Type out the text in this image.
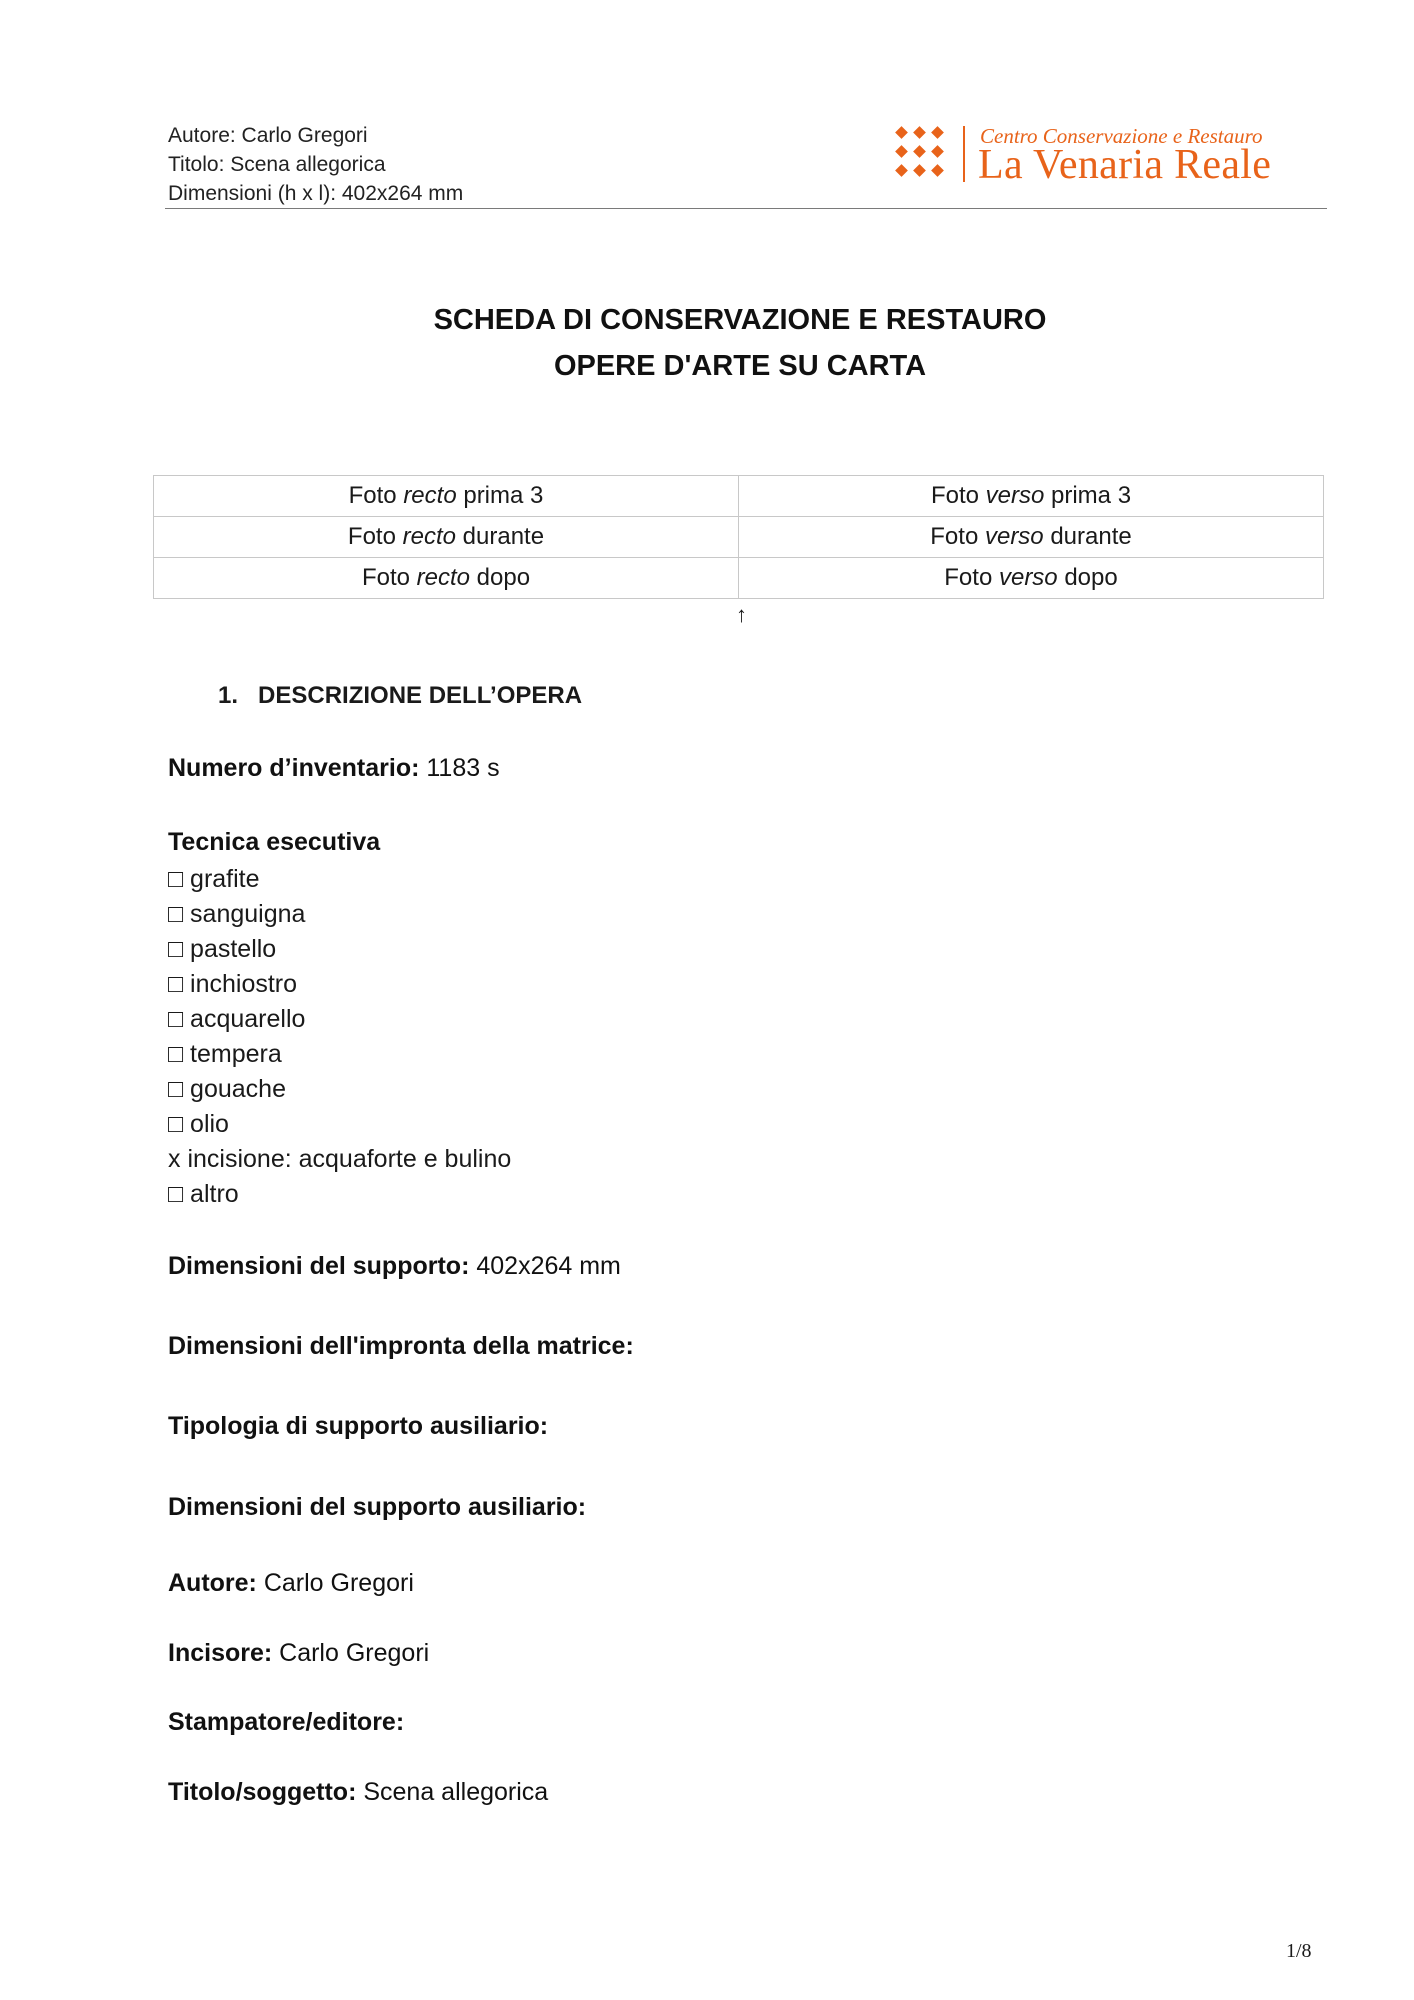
Autore: Carlo Gregori
Titolo: Scena allegorica
Dimensioni (h x l): 402x264 mm
Centro Conservazione e Restauro
La Venaria Reale
SCHEDA DI CONSERVAZIONE E RESTAURO
OPERE D'ARTE SU CARTA
Foto recto prima 3	Foto verso prima 3
Foto recto durante	Foto verso durante
Foto recto dopo	Foto verso dopo
↑
1. DESCRIZIONE DELL’OPERA
Numero d’inventario: 1183 s
Tecnica esecutiva
□ grafite
□ sanguigna
□ pastello
□ inchiostro
□ acquarello
□ tempera
□ gouache
□ olio
x incisione: acquaforte e bulino
□ altro
Dimensioni del supporto: 402x264 mm
Dimensioni dell'impronta della matrice:
Tipologia di supporto ausiliario:
Dimensioni del supporto ausiliario:
Autore: Carlo Gregori
Incisore: Carlo Gregori
Stampatore/editore:
Titolo/soggetto: Scena allegorica
1/8
